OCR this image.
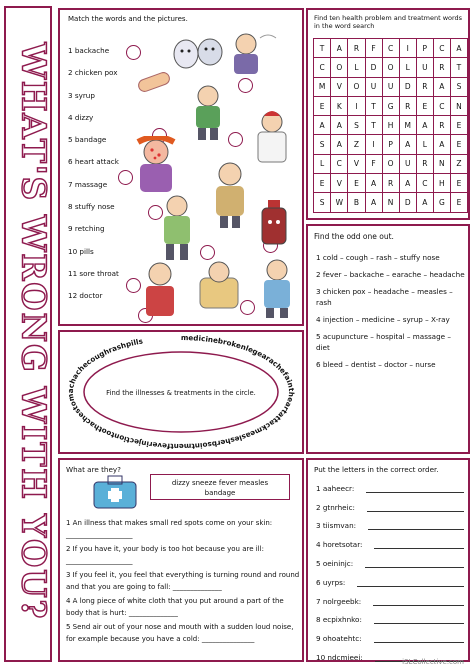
WHAT'S WRONG WITH YOU?
Match the words and the pictures.
1 backache
2 chicken pox
3 syrup
4 dizzy
5 bandage
6 heart attack
7 massage
8 stuffy nose
9 retching
10 pills
11 sore throat
12 doctor
Find ten health problem and treatment words in the word search
T	A	R	F	C	I	P	C	A
C	O	L	D	O	L	U	R	T
M	V	O	U	U	D	R	A	S
E	K	I	T	G	R	E	C	N
A	A	S	T	H	M	A	R	E
S	A	Z	I	P	A	L	A	E
L	C	V	F	O	U	R	N	Z
E	V	E	A	R	A	C	H	E
S	W	B	A	N	D	A	G	E
medicinebrokenlegearachefaintheartattackmeaslesherbsointmentfeverinjectiontoothachestomachachecoughrashpills
Find the illnesses & treatments in the circle.
Find the odd one out.
1 cold – cough – rash – stuffy nose
2 fever – backache – earache – headache
3 chicken pox – headache – measles – rash
4 injection – medicine – syrup – X-ray
5 acupuncture – hospital – massage – diet
6 bleed – dentist – doctor – nurse
What are they?
dizzy sneeze fever measles bandage
1 An illness that makes small red spots come on your skin: ___________________
2 If you have it, your body is too hot because you are ill: ___________________
3 If you feel it, you feel that everything is turning round and round and that you are going to fall: ______________
4 A long piece of white cloth that you put around a part of the body that is hurt: ______________
5 Send air out of your nose and mouth with a sudden loud noise, for example because you have a cold: _______________
Put the letters in the correct order.
1 aaheecr:
2 gtnrheic:
3 tiismvan:
4 horetsotar:
5 oeininjc:
6 uyrps:
7 nolrgeebk:
8 ecpixhnko:
9 ohoatehtc:
10 ndcmieei:
iSLCollective.com
